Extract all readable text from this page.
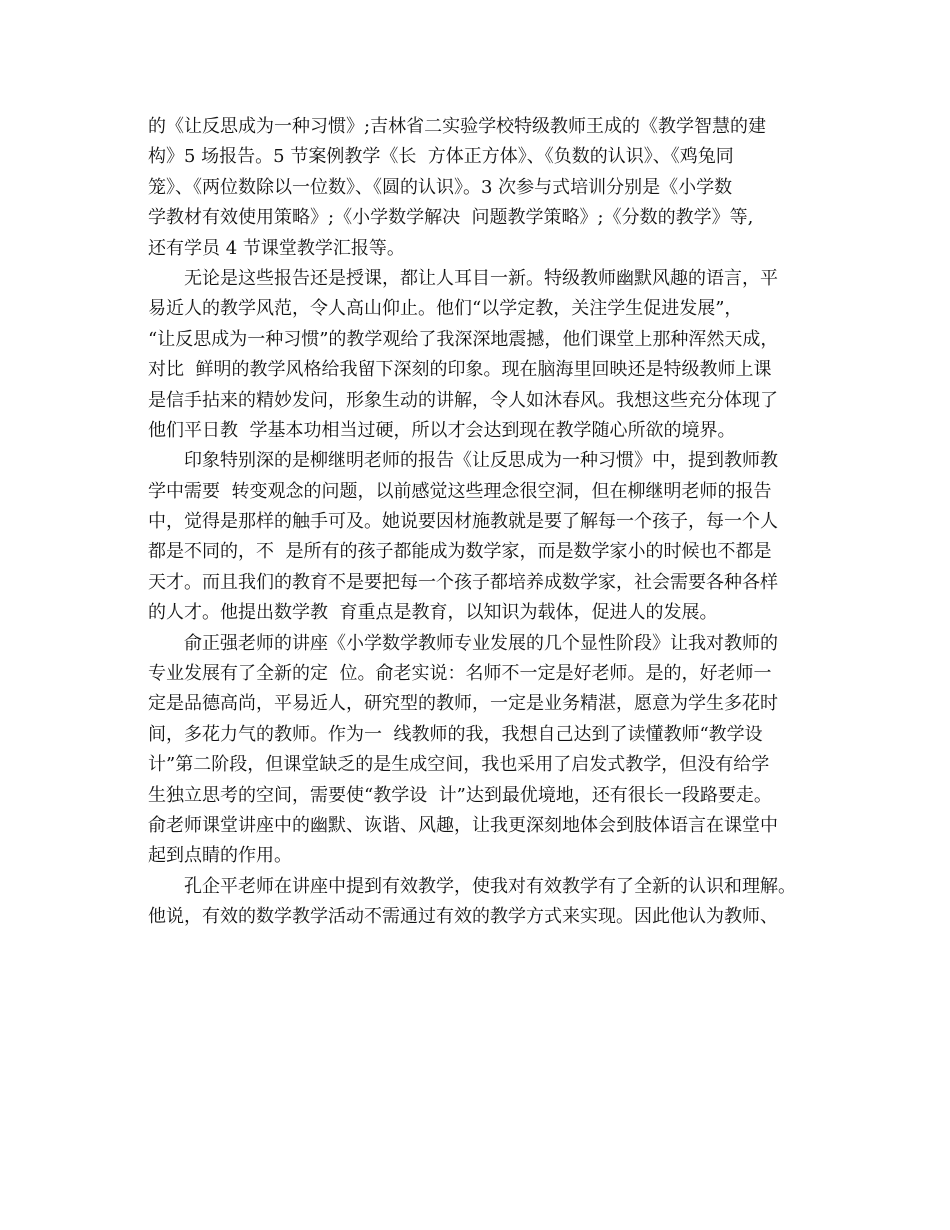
的《让反思成为一种习惯》;吉林省二实验学校特级教师王成的《教学智慧的建
构》5 场报告。5 节案例教学《长  方体正方体》、《负数的认识》、《鸡兔同
笼》、《两位数除以一位数》、《圆的认识》。3 次参与式培训分别是《小学数
学教材有效使用策略》;《小学数学解决  问题教学策略》;《分数的教学》等,
还有学员 4 节课堂教学汇报等。
无论是这些报告还是授课，都让人耳目一新。特级教师幽默风趣的语言，平
易近人的教学风范，令人高山仰止。他们“以学定教，关注学生促进发展”，
“让反思成为一种习惯”的教学观给了我深深地震撼，他们课堂上那种浑然天成，
对比  鲜明的教学风格给我留下深刻的印象。现在脑海里回映还是特级教师上课
是信手拈来的精妙发问，形象生动的讲解，令人如沐春风。我想这些充分体现了
他们平日教  学基本功相当过硬，所以才会达到现在教学随心所欲的境界。
印象特别深的是柳继明老师的报告《让反思成为一种习惯》中，提到教师教
学中需要  转变观念的问题，以前感觉这些理念很空洞，但在柳继明老师的报告
中，觉得是那样的触手可及。她说要因材施教就是要了解每一个孩子，每一个人
都是不同的，不  是所有的孩子都能成为数学家，而是数学家小的时候也不都是
天才。而且我们的教育不是要把每一个孩子都培养成数学家，社会需要各种各样
的人才。他提出数学教  育重点是教育，以知识为载体，促进人的发展。
俞正强老师的讲座《小学数学教师专业发展的几个显性阶段》让我对教师的
专业发展有了全新的定  位。俞老实说：名师不一定是好老师。是的，好老师一
定是品德高尚，平易近人，研究型的教师，一定是业务精湛，愿意为学生多花时
间，多花力气的教师。作为一  线教师的我，我想自己达到了读懂教师“教学设
计”第二阶段，但课堂缺乏的是生成空间，我也采用了启发式教学，但没有给学
生独立思考的空间，需要使“教学设  计”达到最优境地，还有很长一段路要走。
俞老师课堂讲座中的幽默、诙谐、风趣，让我更深刻地体会到肢体语言在课堂中
起到点睛的作用。
孔企平老师在讲座中提到有效教学，使我对有效教学有了全新的认识和理解。
他说，有效的数学教学活动不需通过有效的教学方式来实现。因此他认为教师、
